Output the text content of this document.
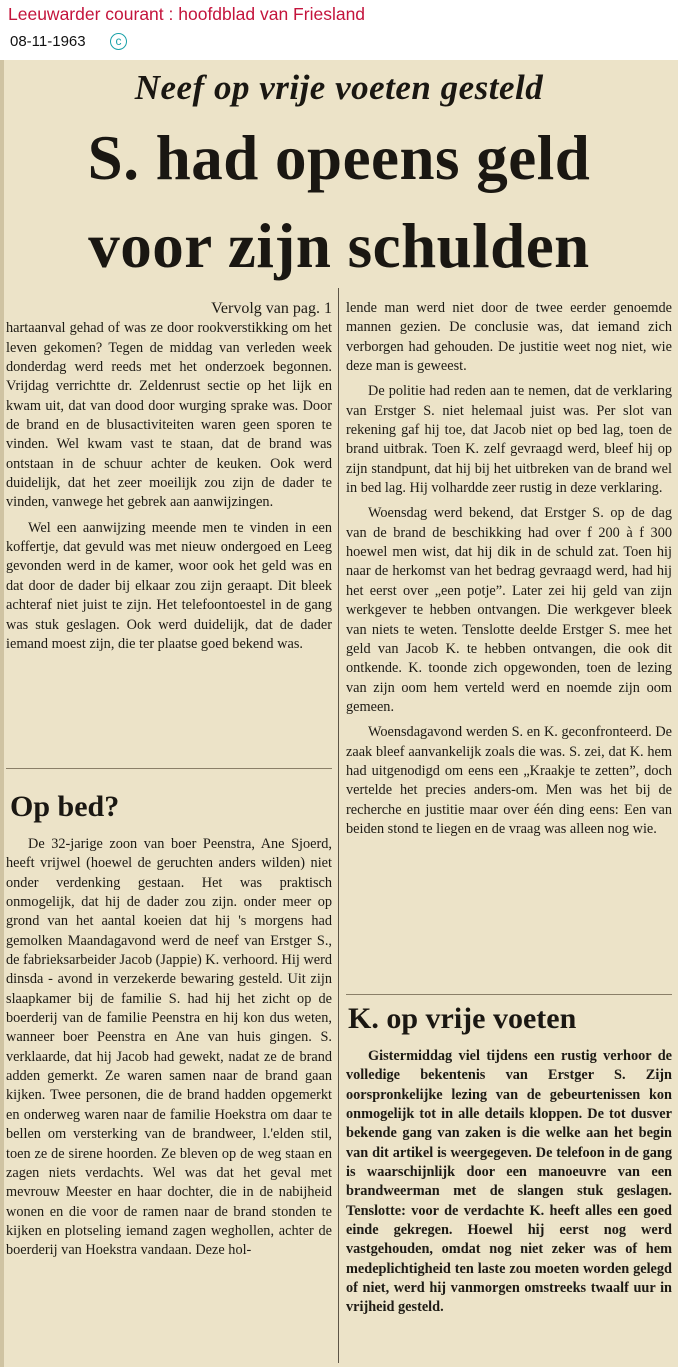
Leeuwarder courant : hoofdblad van Friesland
08-11-1963	c
Neef op vrije voeten gesteld
S. had opeens geld
voor zijn schulden
Vervolg van pag. 1

hartaanval gehad of was ze door rookverstikking om het leven gekomen? Tegen de middag van verleden week donderdag werd reeds met het onderzoek begonnen. Vrijdag verrichtte dr. Zeldenrust sectie op het lijk en kwam uit, dat van dood door wurging sprake was. Door de brand en de blusactiviteiten waren geen sporen te vinden. Wel kwam vast te staan, dat de brand was ontstaan in de schuur achter de keuken. Ook werd duidelijk, dat het zeer moeilijk zou zijn de dader te vinden, vanwege het gebrek aan aanwijzingen.

Wel een aanwijzing meende men te vinden in een koffertje, dat gevuld was met nieuw ondergoed en Leeg gevonden werd in de kamer, woor ook het geld was en dat door de dader bij elkaar zou zijn geraapt. Dit bleek achteraf niet juist te zijn. Het telefoontoestel in de gang was stuk geslagen. Ook werd duidelijk, dat de dader iemand moest zijn, die ter plaatse goed bekend was.

Op bed?

De 32-jarige zoon van boer Peenstra, Ane Sjoerd, heeft vrijwel (hoewel de geruchten anders wilden) niet onder verdenking gestaan. Het was praktisch onmogelijk, dat hij de dader zou zijn. onder meer op grond van het aantal koeien dat hij 's morgens had gemolken Maandagavond werd de neef van Erstger S., de fabrieksarbeider Jacob (Jappie) K. verhoord. Hij werd dinsda - avond in verzekerde bewaring gesteld. Uit zijn slaapkamer bij de familie S. had hij het zicht op de boerderij van de familie Peenstra en hij kon dus weten, wanneer boer Peenstra en Ane van huis gingen. S. verklaarde, dat hij Jacob had gewekt, nadat ze de brand adden gemerkt. Ze waren samen naar de brand gaan kijken. Twee personen, die de brand hadden opgemerkt en onderweg waren naar de familie Hoekstra om daar te bellen om versterking van de brandweer, l.'elden stil, toen ze de sirene hoorden. Ze bleven op de weg staan en zagen niets verdachts. Wel was dat het geval met mevrouw Meester en haar dochter, die in de nabijheid wonen en die voor de ramen naar de brand stonden te kijken en plotseling iemand zagen weghollen, achter de boerderij van Hoekstra vandaan. Deze hol-

lende man werd niet door de twee eerder genoemde mannen gezien. De conclusie was, dat iemand zich verborgen had gehouden. De justitie weet nog niet, wie deze man is geweest.

De politie had reden aan te nemen, dat de verklaring van Erstger S. niet helemaal juist was. Per slot van rekening gaf hij toe, dat Jacob niet op bed lag, toen de brand uitbrak. Toen K. zelf gevraagd werd, bleef hij op zijn standpunt, dat hij bij het uitbreken van de brand wel in bed lag. Hij volhardde zeer rustig in deze verklaring.

Woensdag werd bekend, dat Erstger S. op de dag van de brand de beschikking had over f 200 à f 300 hoewel men wist, dat hij dik in de schuld zat. Toen hij naar de herkomst van het bedrag gevraagd werd, had hij het eerst over „een potje”. Later zei hij geld van zijn werkgever te hebben ontvangen. Die werkgever bleek van niets te weten. Tenslotte deelde Erstger S. mee het geld van Jacob K. te hebben ontvangen, die ook dit ontkende. K. toonde zich opgewonden, toen de lezing van zijn oom hem verteld werd en noemde zijn oom gemeen.

Woensdagavond werden S. en K. geconfronteerd. De zaak bleef aanvankelijk zoals die was. S. zei, dat K. hem had uitgenodigd om eens een „Kraakje te zetten”, doch vertelde het precies anders-om. Men was het bij de recherche en justitie maar over één ding eens: Een van beiden stond te liegen en de vraag was alleen nog wie.

K. op vrije voeten

Gistermiddag viel tijdens een rustig verhoor de volledige bekentenis van Erstger S. Zijn oorspronkelijke lezing van de gebeurtenissen kon onmogelijk tot in alle details kloppen. De tot dusver bekende gang van zaken is die welke aan het begin van dit artikel is weergegeven. De telefoon in de gang is waarschijnlijk door een manoeuvre van een brandweerman met de slangen stuk geslagen. Tenslotte: voor de verdachte K. heeft alles een goed einde gekregen. Hoewel hij eerst nog werd vastgehouden, omdat nog niet zeker was of hem medeplichtigheid ten laste zou moeten worden gelegd of niet, werd hij vanmorgen omstreeks twaalf uur in vrijheid gesteld.
